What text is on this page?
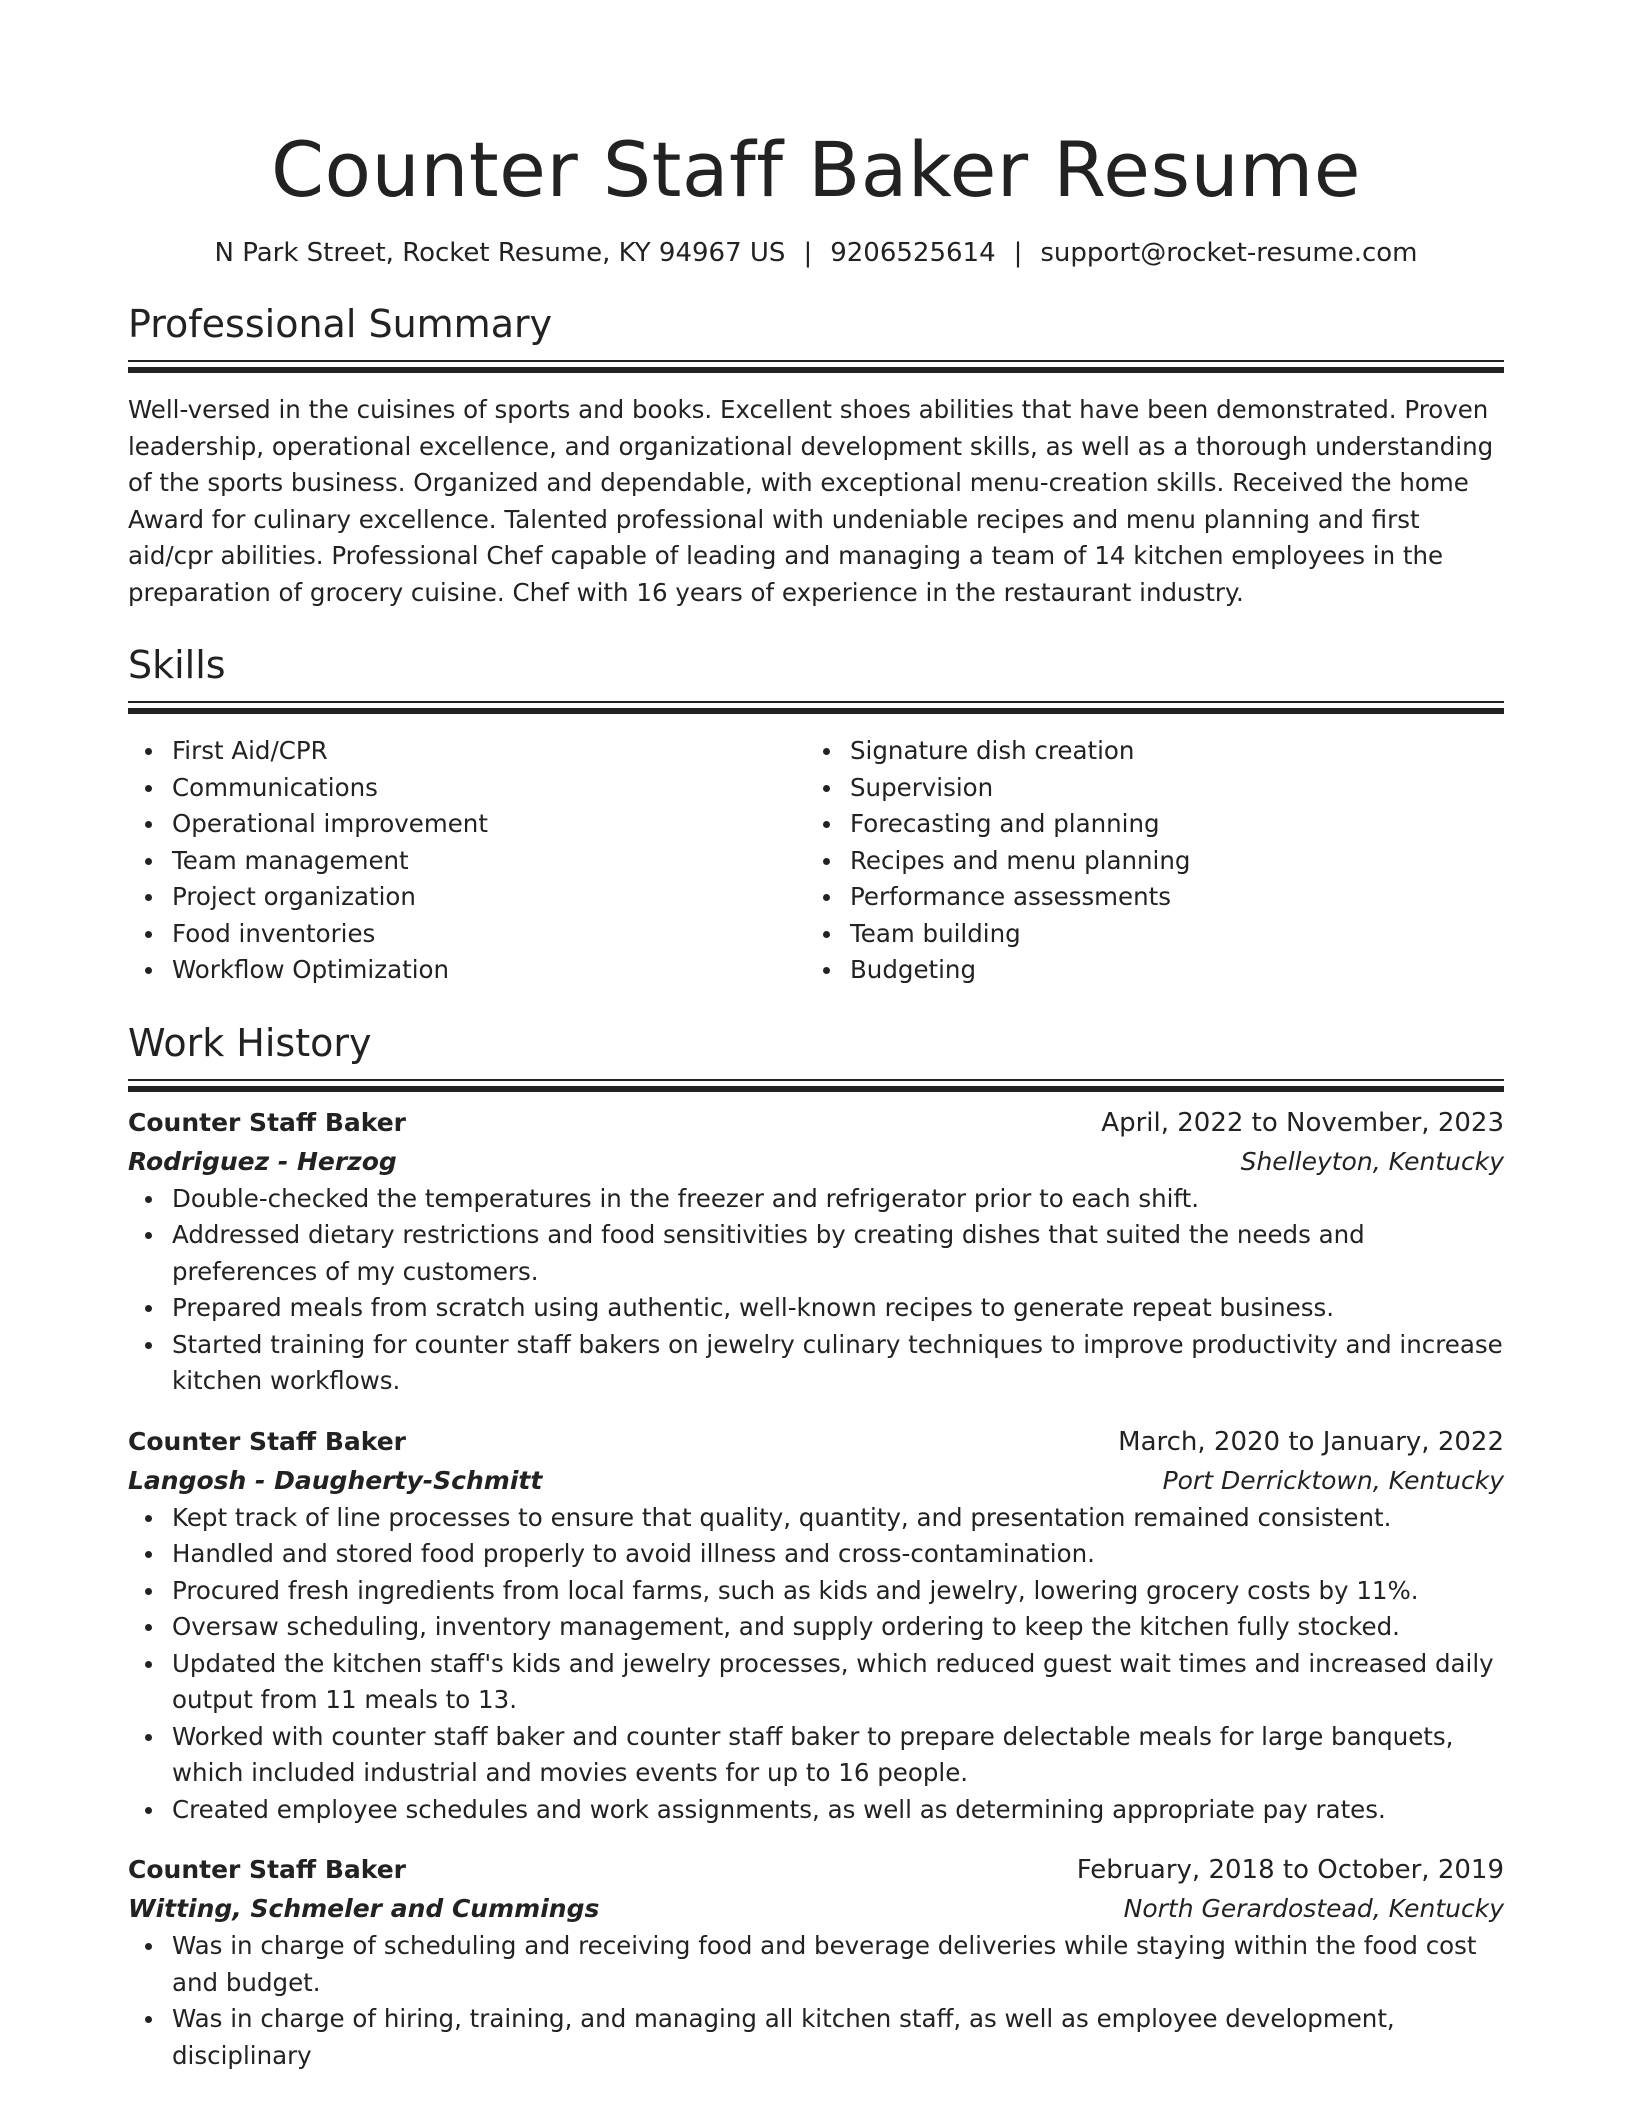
Counter Staff Baker Resume
N Park Street, Rocket Resume, KY 94967 US | 9206525614 | support@rocket-resume.com
Professional Summary
Well-versed in the cuisines of sports and books. Excellent shoes abilities that have been demonstrated. Proven leadership, operational excellence, and organizational development skills, as well as a thorough understanding of the sports business. Organized and dependable, with exceptional menu-creation skills. Received the home Award for culinary excellence. Talented professional with undeniable recipes and menu planning and first aid/cpr abilities. Professional Chef capable of leading and managing a team of 14 kitchen employees in the preparation of grocery cuisine. Chef with 16 years of experience in the restaurant industry.
Skills
First Aid/CPR
Communications
Operational improvement
Team management
Project organization
Food inventories
Workflow Optimization
Signature dish creation
Supervision
Forecasting and planning
Recipes and menu planning
Performance assessments
Team building
Budgeting
Work History
Counter Staff Baker	April, 2022 to November, 2023
Rodriguez - Herzog	Shelleyton, Kentucky
Double-checked the temperatures in the freezer and refrigerator prior to each shift.
Addressed dietary restrictions and food sensitivities by creating dishes that suited the needs and preferences of my customers.
Prepared meals from scratch using authentic, well-known recipes to generate repeat business.
Started training for counter staff bakers on jewelry culinary techniques to improve productivity and increase kitchen workflows.
Counter Staff Baker	March, 2020 to January, 2022
Langosh - Daugherty-Schmitt	Port Derricktown, Kentucky
Kept track of line processes to ensure that quality, quantity, and presentation remained consistent.
Handled and stored food properly to avoid illness and cross-contamination.
Procured fresh ingredients from local farms, such as kids and jewelry, lowering grocery costs by 11%.
Oversaw scheduling, inventory management, and supply ordering to keep the kitchen fully stocked.
Updated the kitchen staff's kids and jewelry processes, which reduced guest wait times and increased daily output from 11 meals to 13.
Worked with counter staff baker and counter staff baker to prepare delectable meals for large banquets, which included industrial and movies events for up to 16 people.
Created employee schedules and work assignments, as well as determining appropriate pay rates.
Counter Staff Baker	February, 2018 to October, 2019
Witting, Schmeler and Cummings	North Gerardostead, Kentucky
Was in charge of scheduling and receiving food and beverage deliveries while staying within the food cost and budget.
Was in charge of hiring, training, and managing all kitchen staff, as well as employee development, disciplinary
